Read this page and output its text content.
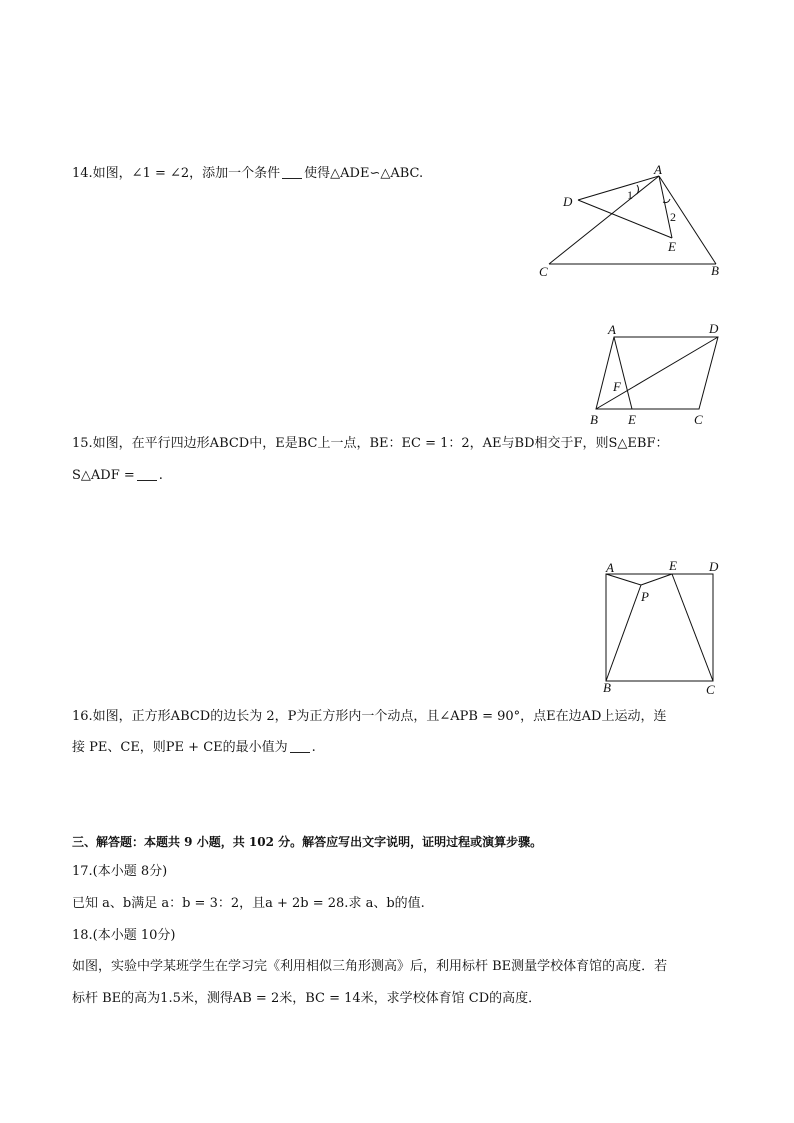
14.如图，∠1 = ∠2，添加一个条件 使得△ADE∽△ABC.	A
D	1
2
E
C	B
A	D
F
B E	C
15.如图，在平行四边形ABCD中，E是BC上一点，BE：EC = 1：2，AE与BD相交于F，则S△EBF：
S△ADF = .
A	E D
P
B	C
16.如图，正方形ABCD的边长为 2，P为正方形内一个动点，且∠APB = 90°，点E在边AD上运动，连
接 PE、CE，则PE + CE的最小值为 .
三、解答题：本题共 9 小题，共 102 分。解答应写出文字说明，证明过程或演算步骤。
17.(本小题 8分)
已知 a、b满足 a：b = 3：2，且a + 2b = 28.求 a、b的值.
18.(本小题 10分)
如图，实验中学某班学生在学习完《利用相似三角形测高》后，利用标杆 BE测量学校体育馆的高度．若
标杆 BE的高为1.5米，测得AB = 2米，BC = 14米，求学校体育馆 CD的高度．
